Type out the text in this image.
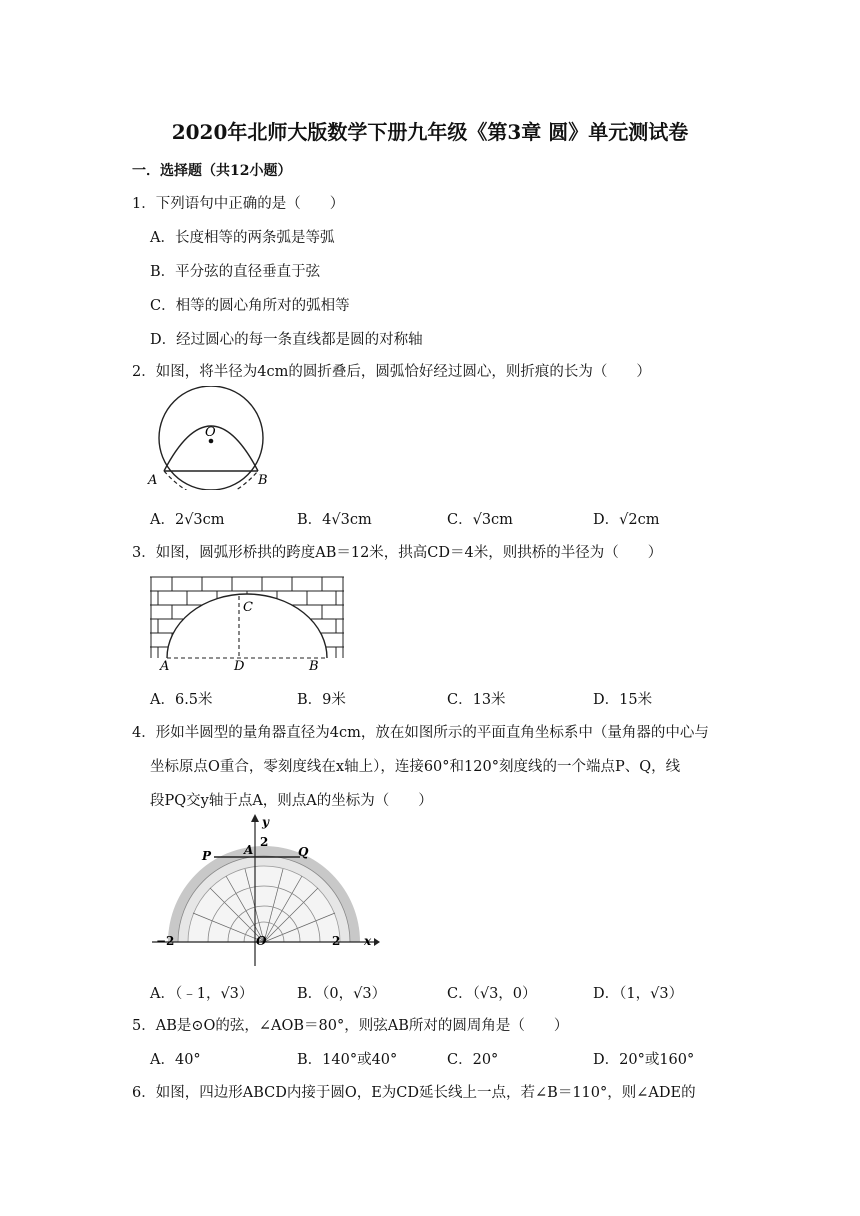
2020年北师大版数学下册九年级《第3章 圆》单元测试卷
一．选择题（共12小题）
1．下列语句中正确的是（　　）
A．长度相等的两条弧是等弧
B．平分弦的直径垂直于弦
C．相等的圆心角所对的弧相等
D．经过圆心的每一条直线都是圆的对称轴
2．如图，将半径为4cm的圆折叠后，圆弧恰好经过圆心，则折痕的长为（　　）
O
A	B
A．2√3cm	B．4√3cm	C．√3cm	D．√2cm
3．如图，圆弧形桥拱的跨度AB＝12米，拱高CD＝4米，则拱桥的半径为（　　）
A	D	B
C
A．6.5米	B．9米	C．13米	D．15米
4．形如半圆型的量角器直径为4cm，放在如图所示的平面直角坐标系中（量角器的中心与
坐标原点O重合，零刻度线在x轴上），连接60°和120°刻度线的一个端点P、Q，线
段PQ交y轴于点A，则点A的坐标为（　　）
y
2
P	A	Q
−2	O	2 x
A．（﹣1，√3）	B．（0，√3）	C．（√3，0）	D．（1，√3）
5．AB是⊙O的弦，∠AOB＝80°，则弦AB所对的圆周角是（　　）
A．40°	B．140°或40°	C．20°	D．20°或160°
6．如图，四边形ABCD内接于圆O，E为CD延长线上一点，若∠B＝110°，则∠ADE的
